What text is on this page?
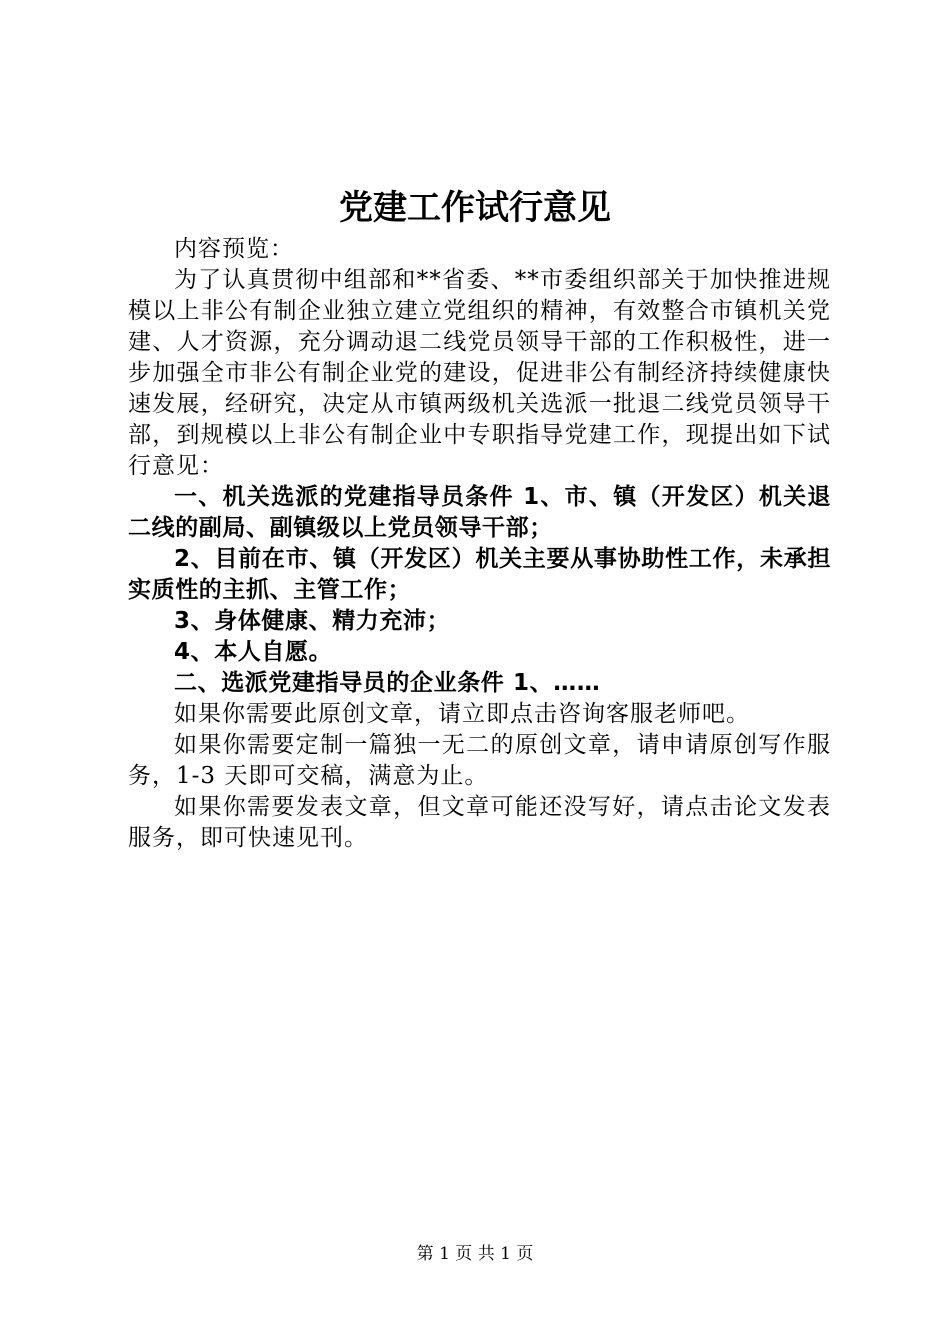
党建工作试行意见

内容预览：

为了认真贯彻中组部和**省委、**市委组织部关于加快推进规模以上非公有制企业独立建立党组织的精神，有效整合市镇机关党建、人才资源，充分调动退二线党员领导干部的工作积极性，进一步加强全市非公有制企业党的建设，促进非公有制经济持续健康快速发展，经研究，决定从市镇两级机关选派一批退二线党员领导干部，到规模以上非公有制企业中专职指导党建工作，现提出如下试行意见：

一、机关选派的党建指导员条件 1、市、镇（开发区）机关退二线的副局、副镇级以上党员领导干部；

2、目前在市、镇（开发区）机关主要从事协助性工作，未承担实质性的主抓、主管工作；

3、身体健康、精力充沛；

4、本人自愿。

二、选派党建指导员的企业条件 1、……

如果你需要此原创文章，请立即点击咨询客服老师吧。

如果你需要定制一篇独一无二的原创文章，请申请原创写作服务，1-3 天即可交稿，满意为止。

如果你需要发表文章，但文章可能还没写好，请点击论文发表服务，即可快速见刊。

第 1 页 共 1 页
